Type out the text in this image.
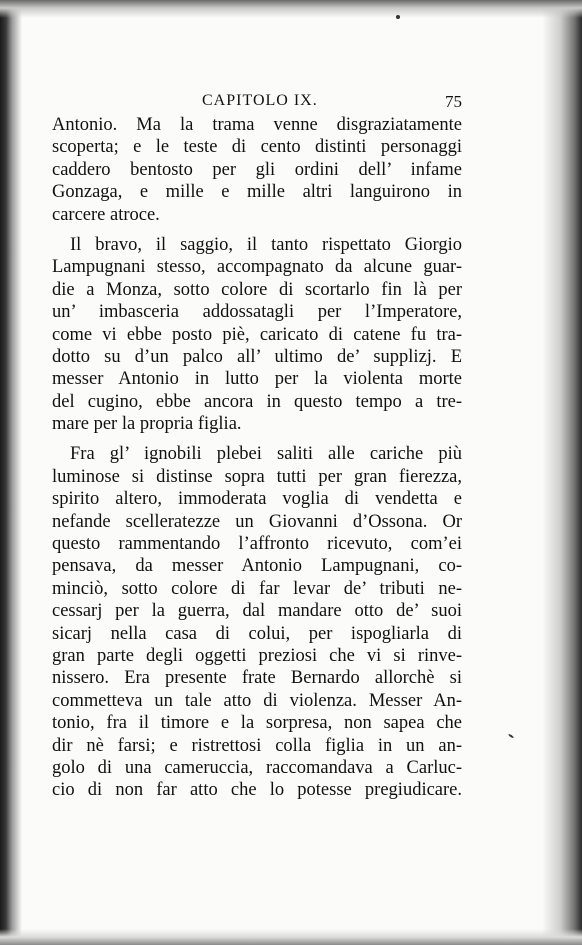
CAPITOLO IX.	75
Antonio. Ma la trama venne disgraziatamente
scoperta; e le teste di cento distinti personaggi
caddero bentosto per gli ordini dell’ infame
Gonzaga, e mille e mille altri languirono in
carcere atroce.
Il bravo, il saggio, il tanto rispettato Giorgio
Lampugnani stesso, accompagnato da alcune guar-
die a Monza, sotto colore di scortarlo fin là per
un’ imbasceria addossatagli per l’Imperatore,
come vi ebbe posto piè, caricato di catene fu tra-
dotto su d’un palco all’ ultimo de’ supplizj. E
messer Antonio in lutto per la violenta morte
del cugino, ebbe ancora in questo tempo a tre-
mare per la propria figlia.
Fra gl’ ignobili plebei saliti alle cariche più
luminose si distinse sopra tutti per gran fierezza,
spirito altero, immoderata voglia di vendetta e
nefande scelleratezze un Giovanni d’Ossona. Or
questo rammentando l’affronto ricevuto, com’ei
pensava, da messer Antonio Lampugnani, co-
minciò, sotto colore di far levar de’ tributi ne-
cessarj per la guerra, dal mandare otto de’ suoi
sicarj nella casa di colui, per ispogliarla di
gran parte degli oggetti preziosi che vi si rinve-
nissero. Era presente frate Bernardo allorchè si
commetteva un tale atto di violenza. Messer An-
tonio, fra il timore e la sorpresa, non sapea che
dir nè farsi; e ristrettosi colla figlia in un an-
golo di una cameruccia, raccomandava a Carluc-
cio di non far atto che lo potesse pregiudicare.
